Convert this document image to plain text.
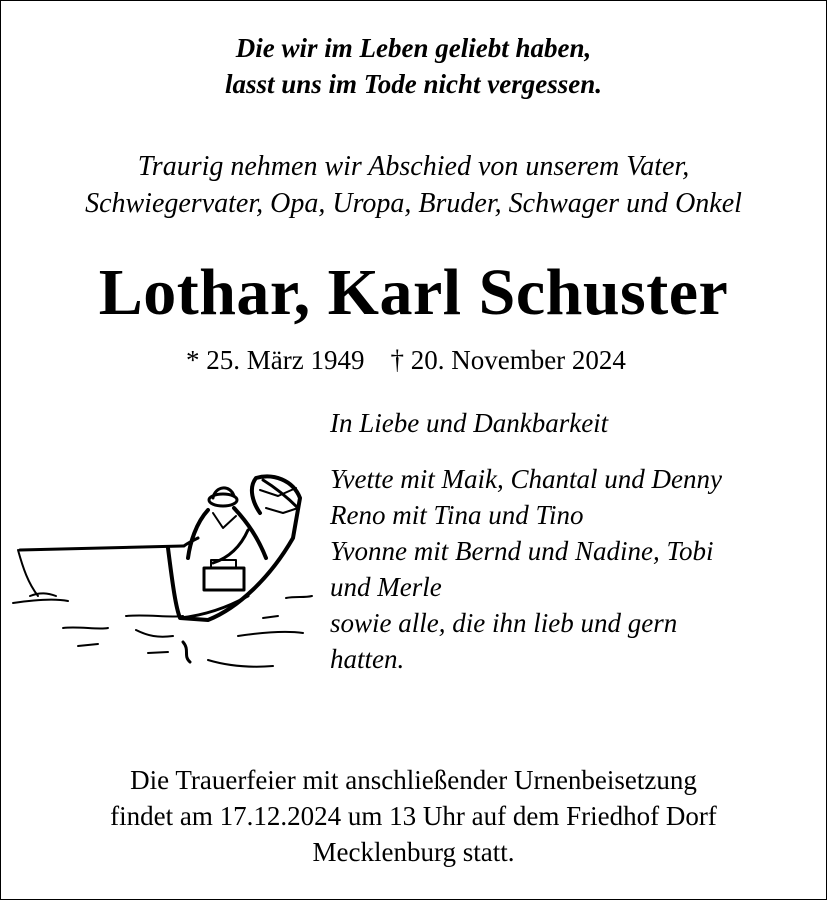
Die wir im Leben geliebt haben,
lasst uns im Tode nicht vergessen.
Traurig nehmen wir Abschied von unserem Vater,
Schwiegervater, Opa, Uropa, Bruder, Schwager und Onkel
Lothar, Karl Schuster
* 25. März 1949 † 20. November 2024
In Liebe und Dankbarkeit
Yvette mit Maik, Chantal und Denny
Reno mit Tina und Tino
Yvonne mit Bernd und Nadine, Tobi
und Merle
sowie alle, die ihn lieb und gern
hatten.
Die Trauerfeier mit anschließender Urnenbeisetzung
findet am 17.12.2024 um 13 Uhr auf dem Friedhof Dorf
Mecklenburg statt.
